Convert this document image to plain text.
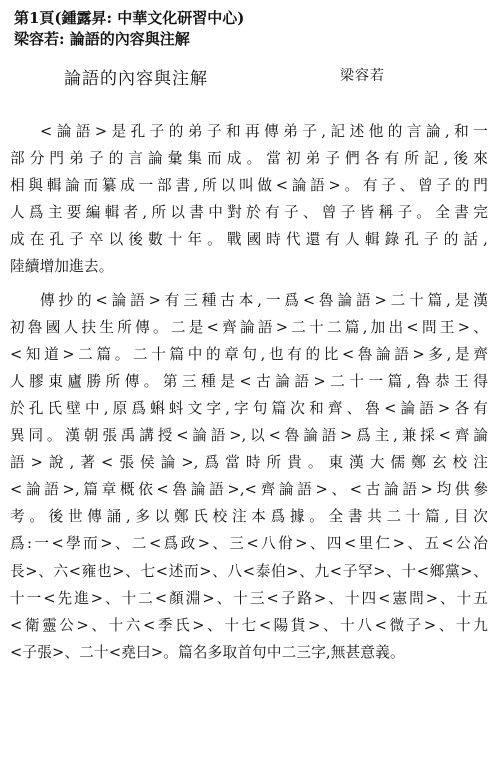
第1頁(鍾露昇: 中華文化研習中心)
梁容若: 論語的內容與注解
論語的內容與注解	梁容若
<論語>是孔子的弟子和再傳弟子,記述他的言論,和一
部分門弟子的言論彙集而成。當初弟子們各有所記,後來
相與輯論而纂成一部書,所以叫做<論語>。有子、曾子的門
人爲主要編輯者,所以書中對於有子、曾子皆稱子。全書完
成在孔子卒以後數十年。戰國時代還有人輯錄孔子的話,
陸續增加進去。
傳抄的<論語>有三種古本,一爲<魯論語>二十篇,是漢
初魯國人扶生所傳。二是<齊論語>二十二篇,加出<問王>、
<知道>二篇。二十篇中的章句,也有的比<魯論語>多,是齊
人膠東廬勝所傳。第三種是<古論語>二十一篇,魯恭王得
於孔氏壁中,原爲蝌蚪文字,字句篇次和齊、魯<論語>各有
異同。漢朝張禹講授<論語>,以<魯論語>爲主,兼採<齊論
語>說,著<張侯論>,爲當時所貴。東漢大儒鄭玄校注
<論語>,篇章概依<魯論語>,<齊論語>、<古論語>均供參
考。後世傳誦,多以鄭氏校注本爲據。全書共二十篇,目次
爲:一<學而>、二<爲政>、三<八佾>、四<里仁>、五<公冶
長>、六<雍也>、七<述而>、八<泰伯>、九<子罕>、十<鄉黨>、
十一<先進>、十二<顏淵>、十三<子路>、十四<憲問>、十五
<衛靈公>、十六<季氏>、十七<陽貨>、十八<微子>、十九
<子張>、二十<堯曰>。篇名多取首句中二三字,無甚意義。
